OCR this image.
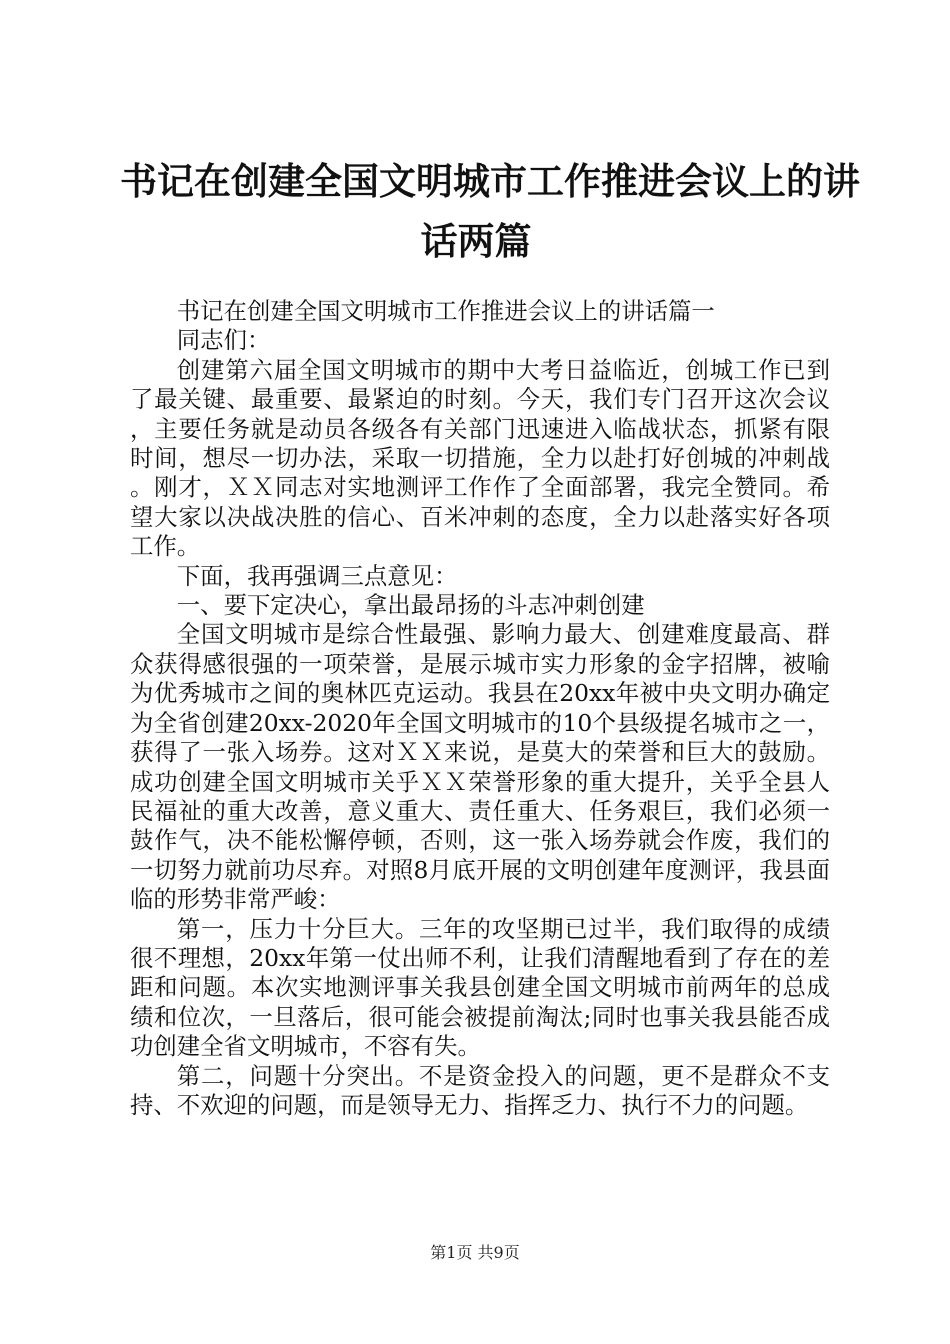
书记在创建全国文明城市工作推进会议上的讲
话两篇

书记在创建全国文明城市工作推进会议上的讲话篇一

同志们：

创建第六届全国文明城市的期中大考日益临近，创城工作已到了最关键、最重要、最紧迫的时刻。今天，我们专门召开这次会议，主要任务就是动员各级各有关部门迅速进入临战状态，抓紧有限时间，想尽一切办法，采取一切措施，全力以赴打好创城的冲刺战。刚才，ＸＸ同志对实地测评工作作了全面部署，我完全赞同。希望大家以决战决胜的信心、百米冲刺的态度，全力以赴落实好各项工作。

下面，我再强调三点意见：

一、要下定决心，拿出最昂扬的斗志冲刺创建

全国文明城市是综合性最强、影响力最大、创建难度最高、群众获得感很强的一项荣誉，是展示城市实力形象的金字招牌，被喻为优秀城市之间的奥林匹克运动。我县在20xx年被中央文明办确定为全省创建20xx-2020年全国文明城市的10个县级提名城市之一，获得了一张入场券。这对ＸＸ来说，是莫大的荣誉和巨大的鼓励。成功创建全国文明城市关乎ＸＸ荣誉形象的重大提升，关乎全县人民福祉的重大改善，意义重大、责任重大、任务艰巨，我们必须一鼓作气，决不能松懈停顿，否则，这一张入场券就会作废，我们的一切努力就前功尽弃。对照8月底开展的文明创建年度测评，我县面临的形势非常严峻：

第一，压力十分巨大。三年的攻坚期已过半，我们取得的成绩很不理想，20xx年第一仗出师不利，让我们清醒地看到了存在的差距和问题。本次实地测评事关我县创建全国文明城市前两年的总成绩和位次，一旦落后，很可能会被提前淘汰;同时也事关我县能否成功创建全省文明城市，不容有失。

第二，问题十分突出。不是资金投入的问题，更不是群众不支持、不欢迎的问题，而是领导无力、指挥乏力、执行不力的问题。

第1页 共9页
